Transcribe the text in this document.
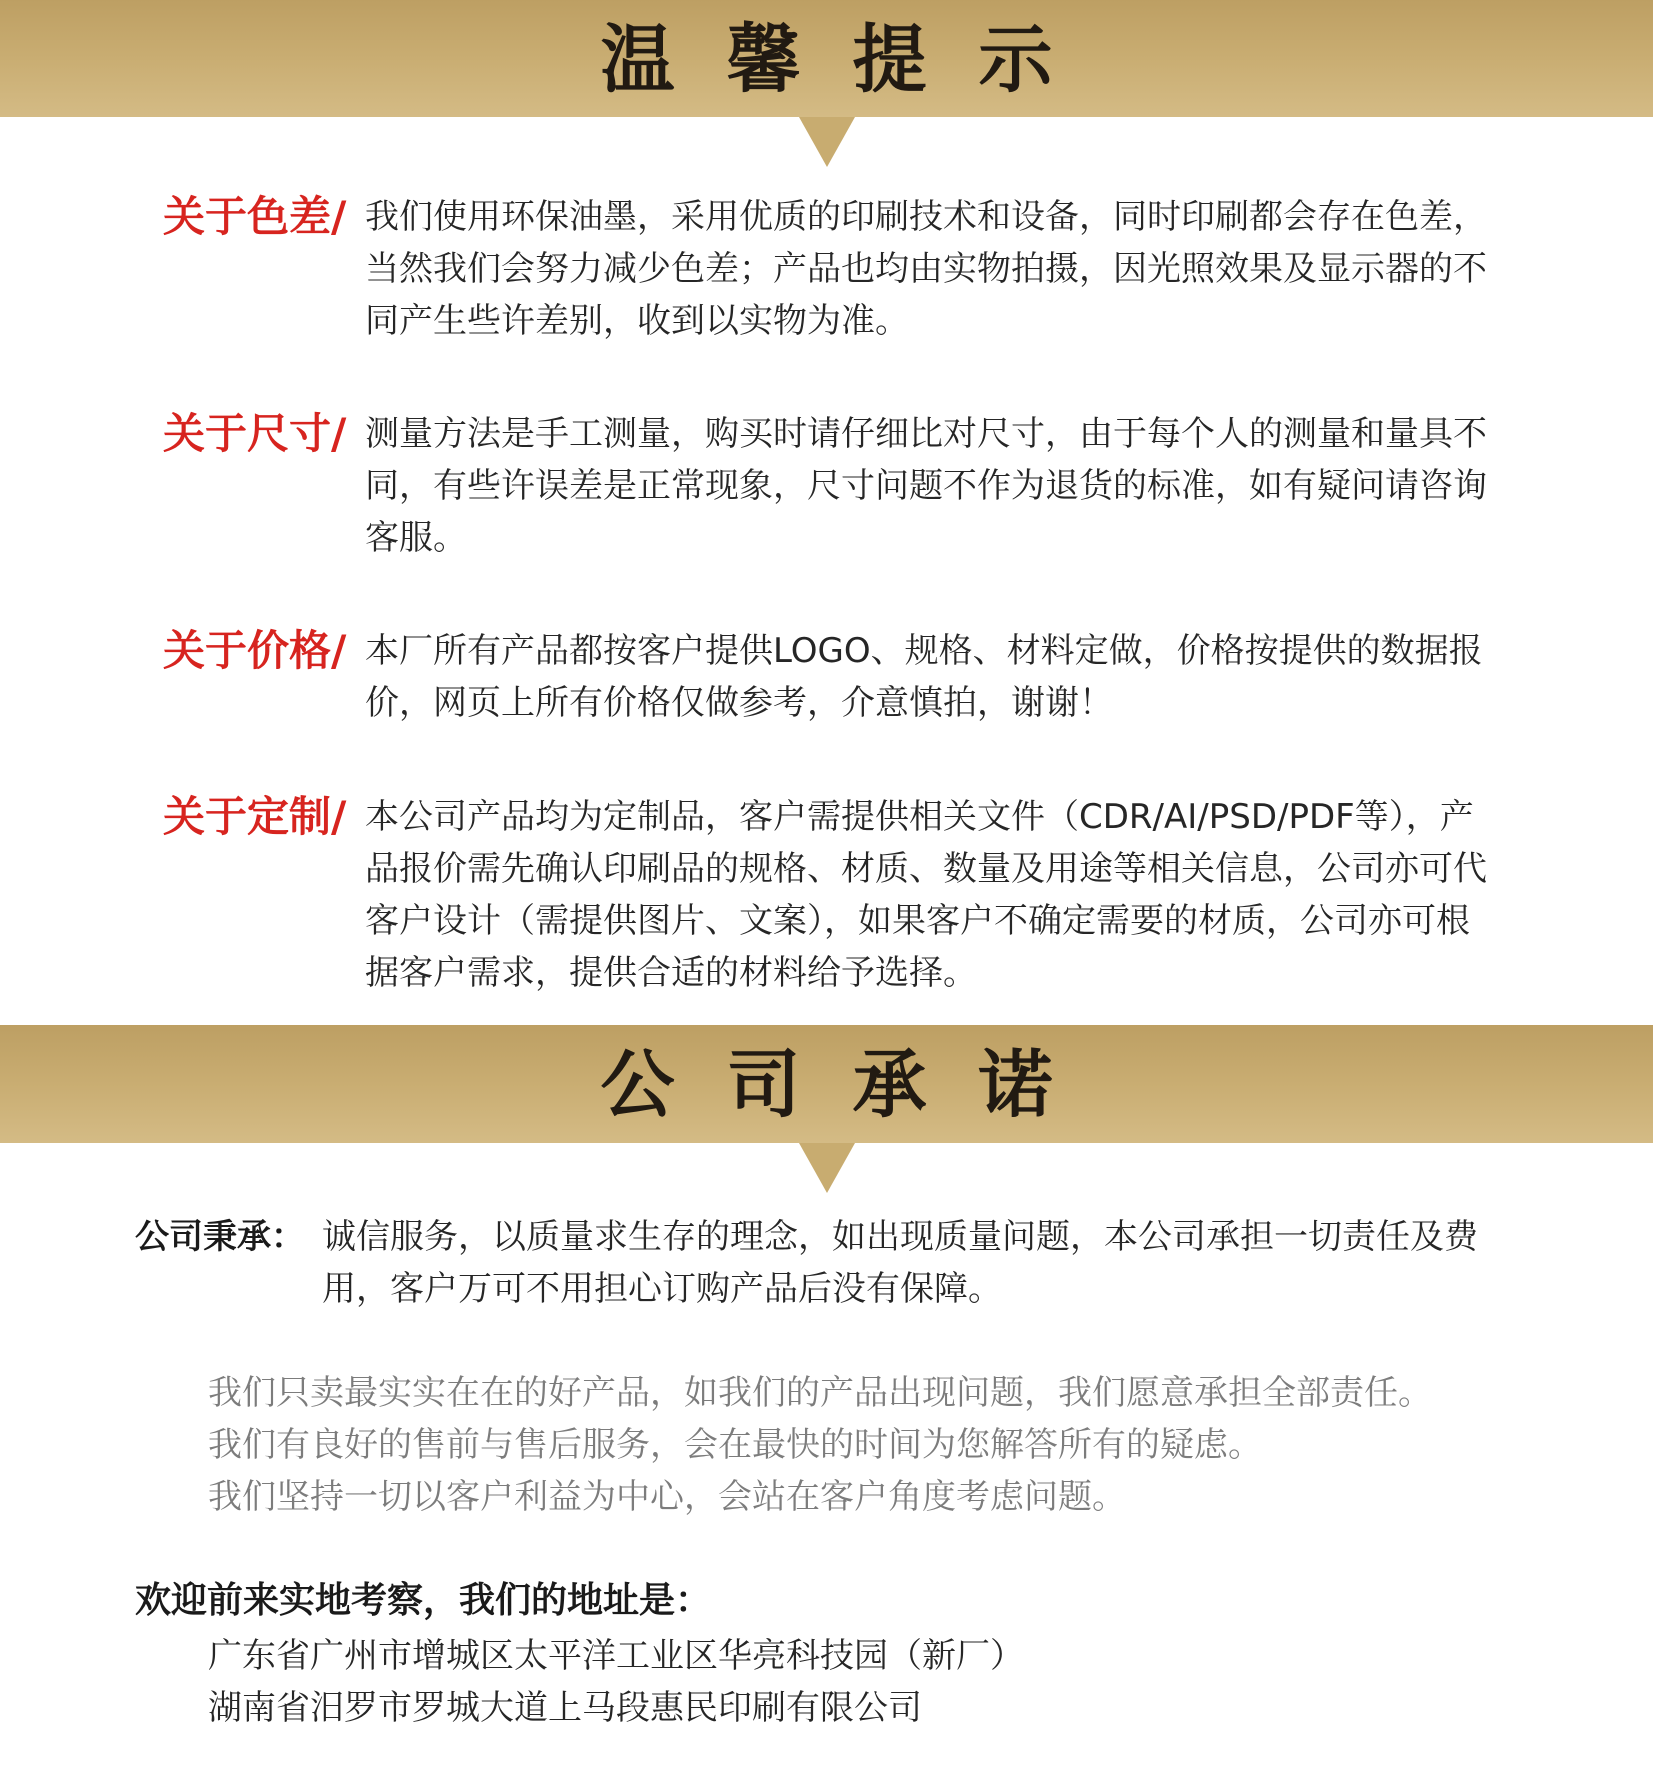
温馨提示
关于色差/ 我们使用环保油墨，采用优质的印刷技术和设备，同时印刷都会存在色差，当然我们会努力减少色差；产品也均由实物拍摄，因光照效果及显示器的不同产生些许差别，收到以实物为准。
关于尺寸/ 测量方法是手工测量，购买时请仔细比对尺寸，由于每个人的测量和量具不同，有些许误差是正常现象，尺寸问题不作为退货的标准，如有疑问请咨询客服。
关于价格/ 本厂所有产品都按客户提供LOGO、规格、材料定做，价格按提供的数据报价，网页上所有价格仅做参考，介意慎拍，谢谢！
关于定制/ 本公司产品均为定制品，客户需提供相关文件（CDR/AI/PSD/PDF等），产品报价需先确认印刷品的规格、材质、数量及用途等相关信息，公司亦可代客户设计（需提供图片、文案），如果客户不确定需要的材质，公司亦可根据客户需求，提供合适的材料给予选择。
公司承诺
公司秉承： 诚信服务，以质量求生存的理念，如出现质量问题，本公司承担一切责任及费用，客户万可不用担心订购产品后没有保障。
我们只卖最实实在在的好产品，如我们的产品出现问题，我们愿意承担全部责任。
我们有良好的售前与售后服务，会在最快的时间为您解答所有的疑虑。
我们坚持一切以客户利益为中心，会站在客户角度考虑问题。
欢迎前来实地考察，我们的地址是：
广东省广州市增城区太平洋工业区华亮科技园（新厂）
湖南省汨罗市罗城大道上马段惠民印刷有限公司
